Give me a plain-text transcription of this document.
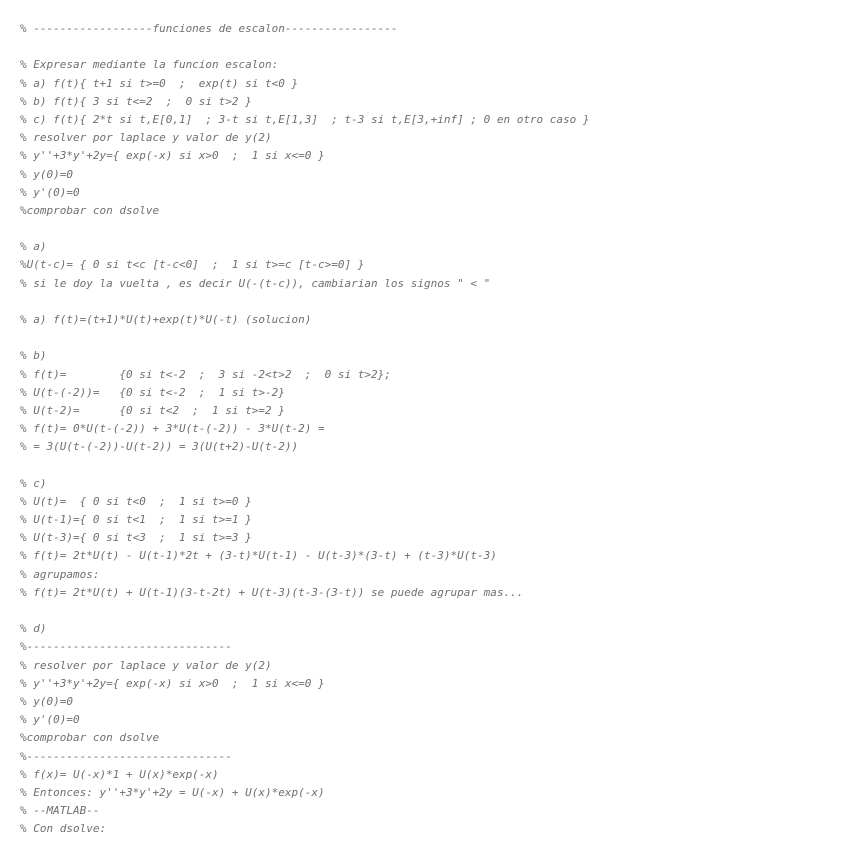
% ------------------funciones de escalon-----------------
% Expresar mediante la funcion escalon:
% a) f(t){ t+1 si t>=0  ;  exp(t) si t<0 }
% b) f(t){ 3 si t<=2  ;  0 si t>2 }
% c) f(t){ 2*t si t,E[0,1]  ; 3-t si t,E[1,3]  ; t-3 si t,E[3,+inf] ; 0 en otro caso }
% resolver por laplace y valor de y(2)
% y''+3*y'+2y={ exp(-x) si x>0  ;  1 si x<=0 }
% y(0)=0
% y'(0)=0
%comprobar con dsolve
% a)
%U(t-c)= { 0 si t<c [t-c<0]  ;  1 si t>=c [t-c>=0] }
% si le doy la vuelta , es decir U(-(t-c)), cambiarian los signos " < "
% a) f(t)=(t+1)*U(t)+exp(t)*U(-t) (solucion)
% b)
% f(t)=        {0 si t<-2  ;  3 si -2<t>2  ;  0 si t>2};
% U(t-(-2))=   {0 si t<-2  ;  1 si t>-2}
% U(t-2)=      {0 si t<2  ;  1 si t>=2 }
% f(t)= 0*U(t-(-2)) + 3*U(t-(-2)) - 3*U(t-2) =
% = 3(U(t-(-2))-U(t-2)) = 3(U(t+2)-U(t-2))
% c)
% U(t)=  { 0 si t<0  ;  1 si t>=0 }
% U(t-1)={ 0 si t<1  ;  1 si t>=1 }
% U(t-3)={ 0 si t<3  ;  1 si t>=3 }
% f(t)= 2t*U(t) - U(t-1)*2t + (3-t)*U(t-1) - U(t-3)*(3-t) + (t-3)*U(t-3)
% agrupamos:
% f(t)= 2t*U(t) + U(t-1)(3-t-2t) + U(t-3)(t-3-(3-t)) se puede agrupar mas...
% d)
%-------------------------------
% resolver por laplace y valor de y(2)
% y''+3*y'+2y={ exp(-x) si x>0  ;  1 si x<=0 }
% y(0)=0
% y'(0)=0
%comprobar con dsolve
%-------------------------------
% f(x)= U(-x)*1 + U(x)*exp(-x)
% Entonces: y''+3*y'+2y = U(-x) + U(x)*exp(-x)
% --MATLAB--
% Con dsolve:
